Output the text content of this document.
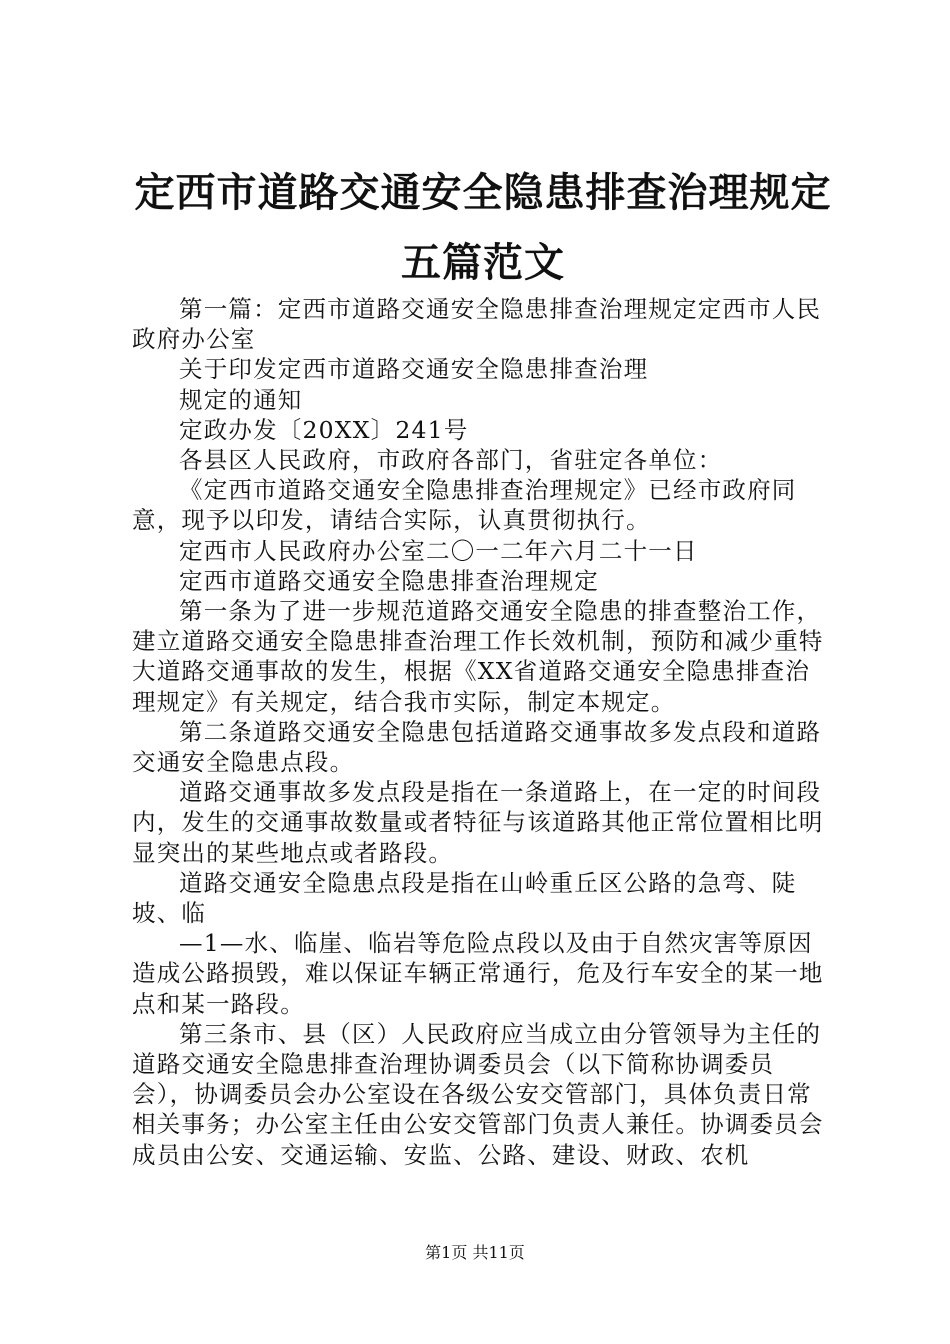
定西市道路交通安全隐患排查治理规定五篇范文

第一篇：定西市道路交通安全隐患排查治理规定定西市人民政府办公室

关于印发定西市道路交通安全隐患排查治理

规定的通知

定政办发〔20XX〕241号

各县区人民政府，市政府各部门，省驻定各单位：

《定西市道路交通安全隐患排查治理规定》已经市政府同意，现予以印发，请结合实际，认真贯彻执行。

定西市人民政府办公室二〇一二年六月二十一日

定西市道路交通安全隐患排查治理规定

第一条为了进一步规范道路交通安全隐患的排查整治工作，建立道路交通安全隐患排查治理工作长效机制，预防和减少重特大道路交通事故的发生，根据《XX省道路交通安全隐患排查治理规定》有关规定，结合我市实际，制定本规定。

第二条道路交通安全隐患包括道路交通事故多发点段和道路交通安全隐患点段。

道路交通事故多发点段是指在一条道路上，在一定的时间段内，发生的交通事故数量或者特征与该道路其他正常位置相比明显突出的某些地点或者路段。

道路交通安全隐患点段是指在山岭重丘区公路的急弯、陡坡、临

—1—水、临崖、临岩等危险点段以及由于自然灾害等原因造成公路损毁，难以保证车辆正常通行，危及行车安全的某一地点和某一路段。

第三条市、县（区）人民政府应当成立由分管领导为主任的道路交通安全隐患排查治理协调委员会（以下简称协调委员会），协调委员会办公室设在各级公安交管部门，具体负责日常相关事务；办公室主任由公安交管部门负责人兼任。协调委员会成员由公安、交通运输、安监、公路、建设、财政、农机

第1页 共11页
